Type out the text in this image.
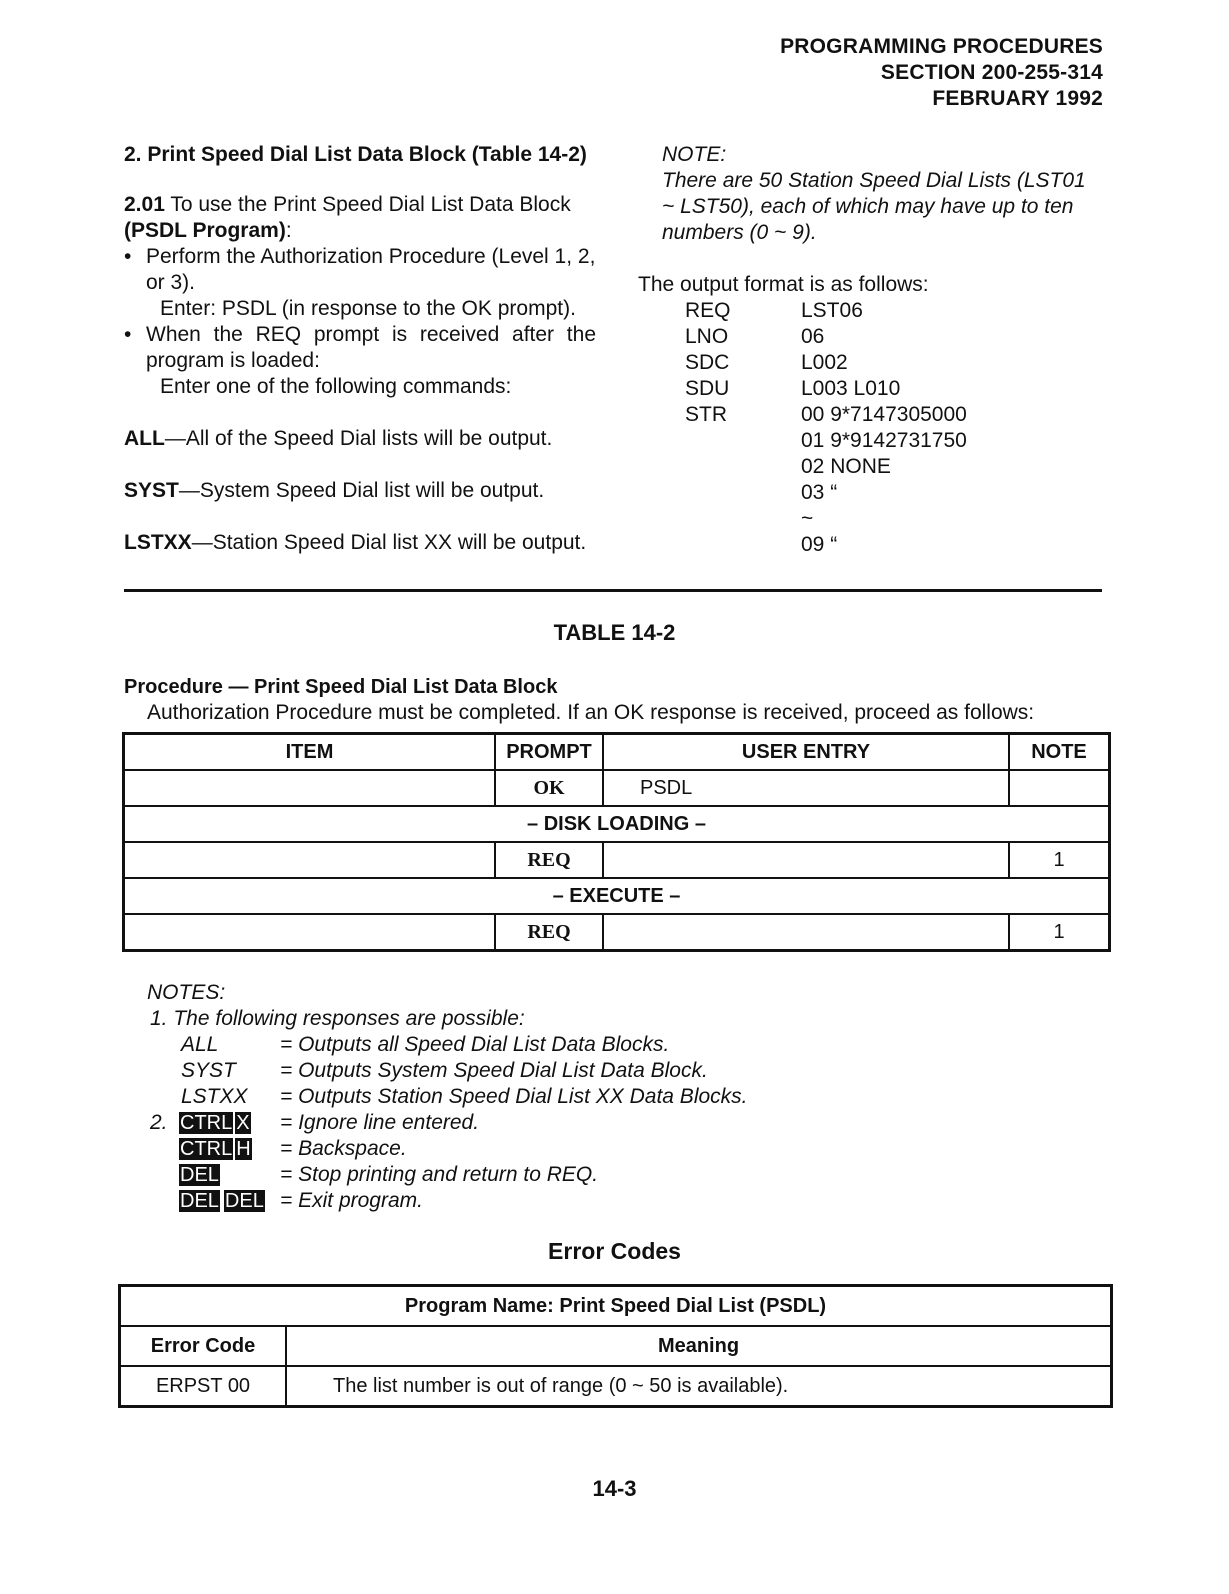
PROGRAMMING PROCEDURES
SECTION 200-255-314
FEBRUARY 1992
2. Print Speed Dial List Data Block (Table 14-2)
2.01 To use the Print Speed Dial List Data Block
(PSDL Program):
• Perform the Authorization Procedure (Level 1, 2, or 3).
Enter: PSDL (in response to the OK prompt).
• When the REQ prompt is received after the program is loaded:
Enter one of the following commands:
ALL—All of the Speed Dial lists will be output.
SYST—System Speed Dial list will be output.
LSTXX—Station Speed Dial list XX will be output.
NOTE:
There are 50 Station Speed Dial Lists (LST01 ~ LST50), each of which may have up to ten numbers (0 ~ 9).
The output format is as follows:
REQ	LST06
LNO	06
SDC	L002
SDU	L003 L010
STR	00 9*7147305000
01 9*9142731750
02 NONE
03 “
~
09 “
TABLE 14-2
Procedure — Print Speed Dial List Data Block
Authorization Procedure must be completed. If an OK response is received, proceed as follows:
ITEM	PROMPT	USER ENTRY	NOTE
	OK	PSDL	
– DISK LOADING –			
	REQ		1
– EXECUTE –			
	REQ		1
NOTES:
1. The following responses are possible:
ALL	= Outputs all Speed Dial List Data Blocks.
SYST = Outputs System Speed Dial List Data Block.
LSTXX = Outputs Station Speed Dial List XX Data Blocks.
2. CTRL X = Ignore line entered.
CTRL H = Backspace.
DEL	= Stop printing and return to REQ.
DEL DEL = Exit program.
Error Codes
Program Name: Print Speed Dial List (PSDL)	
Error Code	Meaning
ERPST 00	The list number is out of range (0 ~ 50 is available).
14-3
